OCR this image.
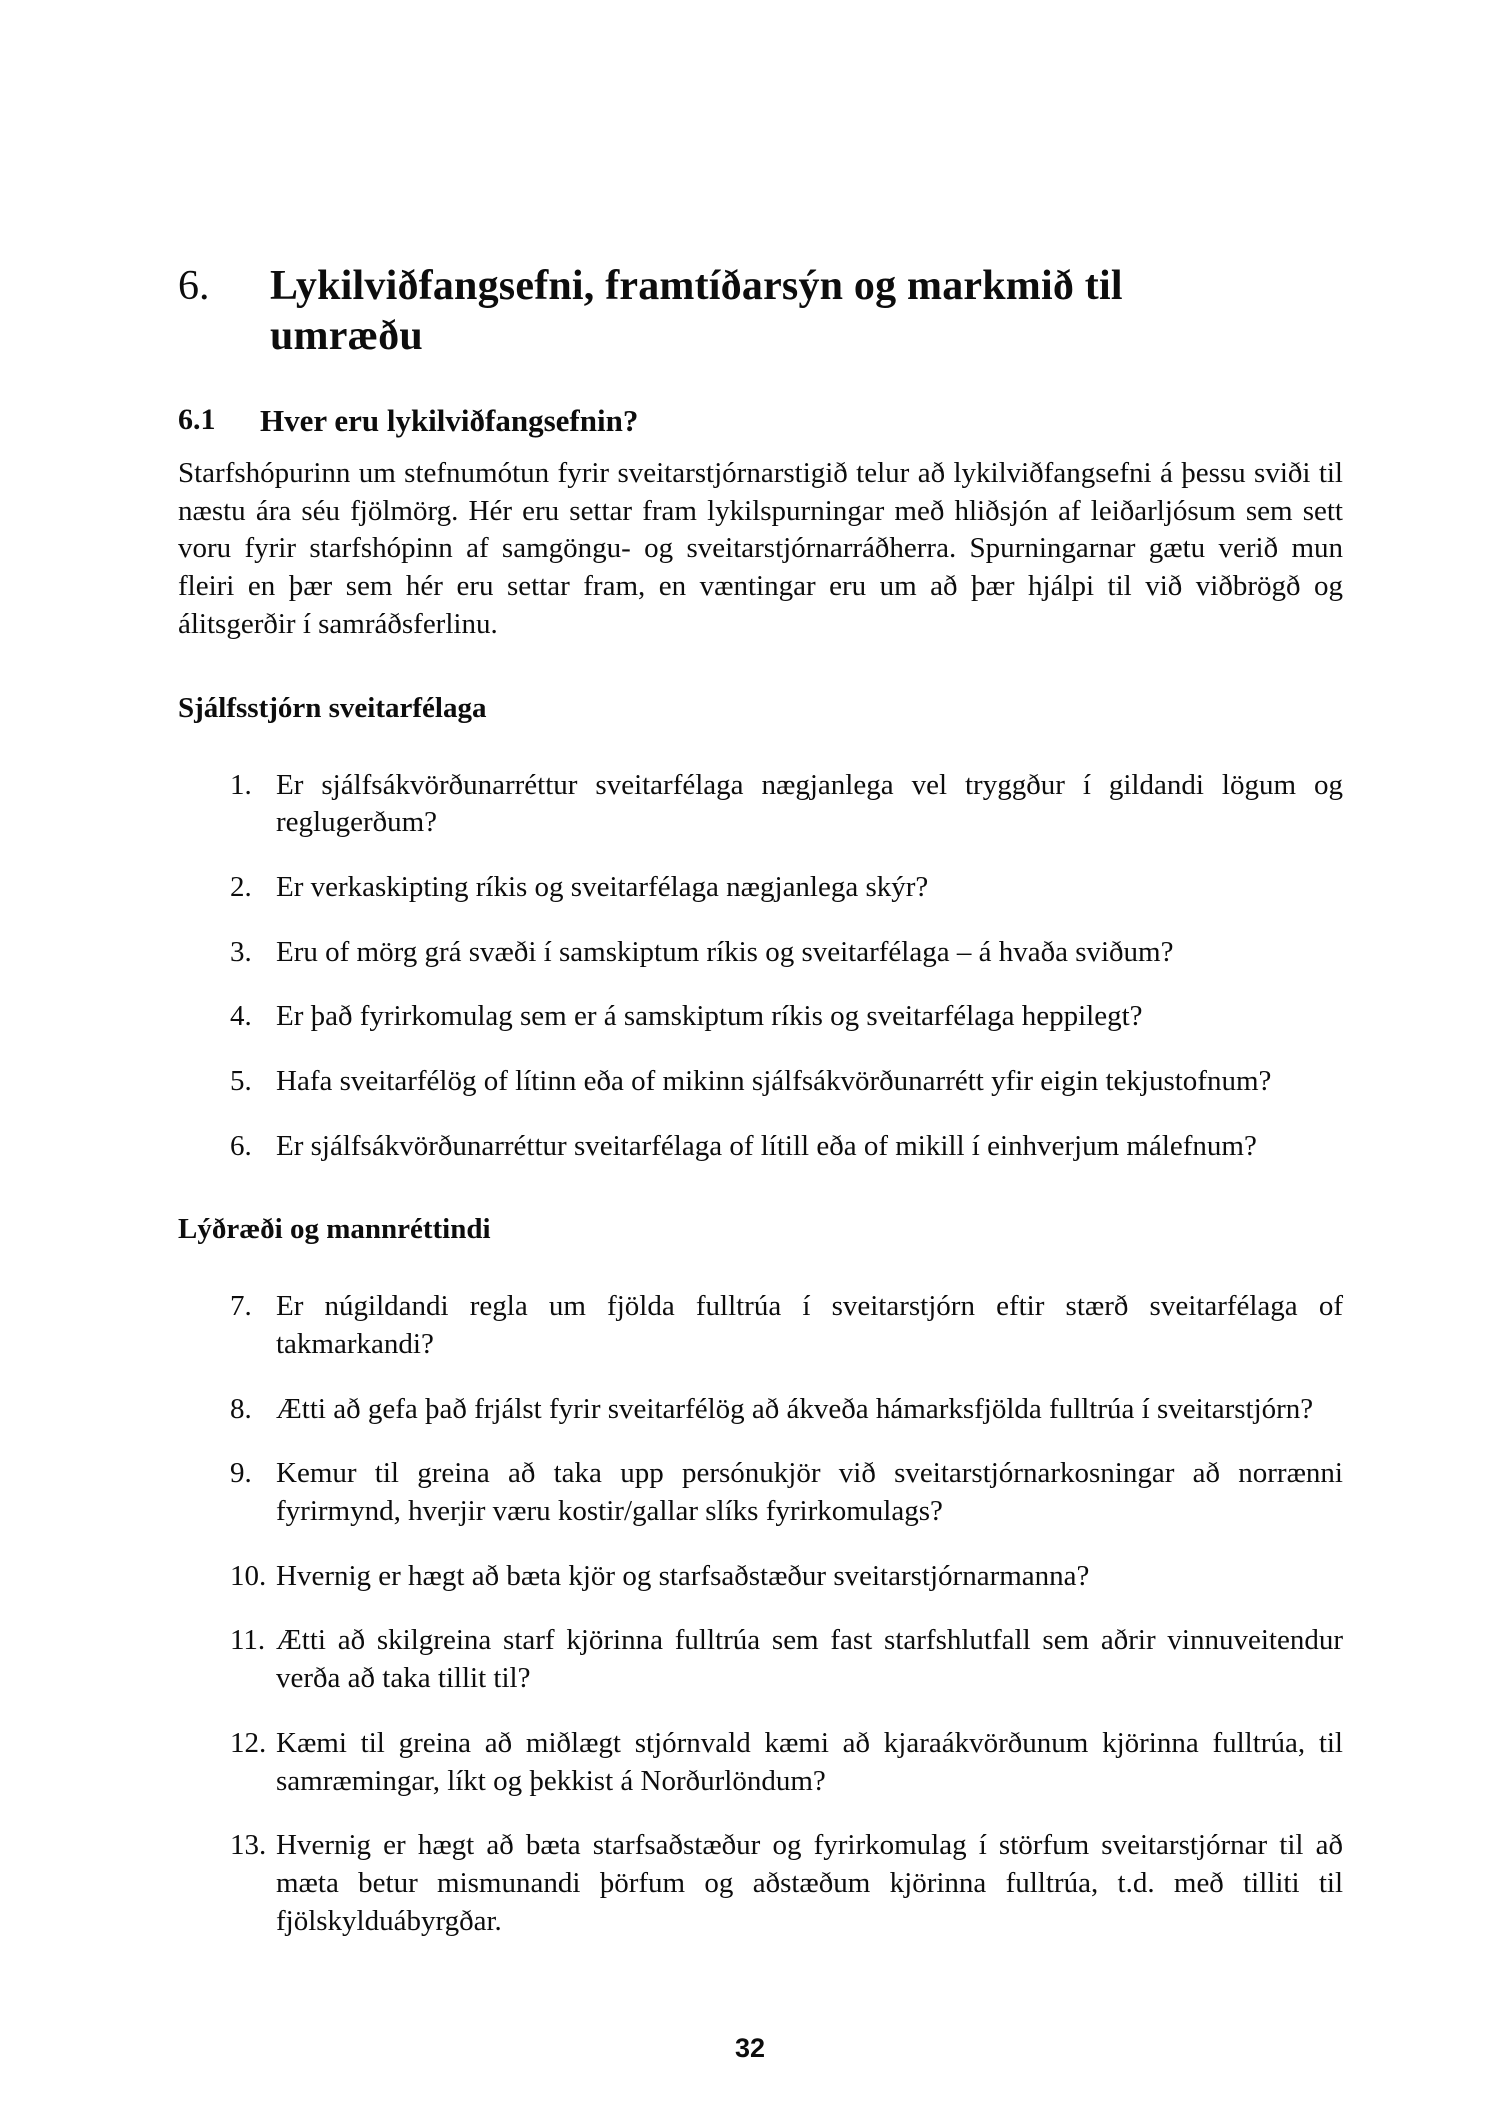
6.	Lykilviðfangsefni, framtíðarsýn og markmið til umræðu
6.1	Hver eru lykilviðfangsefnin?

Starfshópurinn um stefnumótun fyrir sveitarstjórnarstigið telur að lykilviðfangsefni á þessu sviði til næstu ára séu fjölmörg. Hér eru settar fram lykilspurningar með hliðsjón af leiðarljósum sem sett voru fyrir starfshópinn af samgöngu- og sveitarstjórnarráðherra. Spurningarnar gætu verið mun fleiri en þær sem hér eru settar fram, en væntingar eru um að þær hjálpi til við viðbrögð og álitsgerðir í samráðsferlinu.

Sjálfsstjórn sveitarfélaga
1. Er sjálfsákvörðunarréttur sveitarfélaga nægjanlega vel tryggður í gildandi lögum og reglugerðum?
2. Er verkaskipting ríkis og sveitarfélaga nægjanlega skýr?
3. Eru of mörg grá svæði í samskiptum ríkis og sveitarfélaga – á hvaða sviðum?
4. Er það fyrirkomulag sem er á samskiptum ríkis og sveitarfélaga heppilegt?
5. Hafa sveitarfélög of lítinn eða of mikinn sjálfsákvörðunarrétt yfir eigin tekjustofnum?
6. Er sjálfsákvörðunarréttur sveitarfélaga of lítill eða of mikill í einhverjum málefnum?
Lýðræði og mannréttindi
7. Er núgildandi regla um fjölda fulltrúa í sveitarstjórn eftir stærð sveitarfélaga of takmarkandi?
8. Ætti að gefa það frjálst fyrir sveitarfélög að ákveða hámarksfjölda fulltrúa í sveitarstjórn?
9. Kemur til greina að taka upp persónukjör við sveitarstjórnarkosningar að norrænni fyrirmynd, hverjir væru kostir/gallar slíks fyrirkomulags?
10. Hvernig er hægt að bæta kjör og starfsaðstæður sveitarstjórnarmanna?
11. Ætti að skilgreina starf kjörinna fulltrúa sem fast starfshlutfall sem aðrir vinnuveitendur verða að taka tillit til?
12. Kæmi til greina að miðlægt stjórnvald kæmi að kjaraákvörðunum kjörinna fulltrúa, til samræmingar, líkt og þekkist á Norðurlöndum?
13. Hvernig er hægt að bæta starfsaðstæður og fyrirkomulag í störfum sveitarstjórnar til að mæta betur mismunandi þörfum og aðstæðum kjörinna fulltrúa, t.d. með tilliti til fjölskylduábyrgðar.
32
